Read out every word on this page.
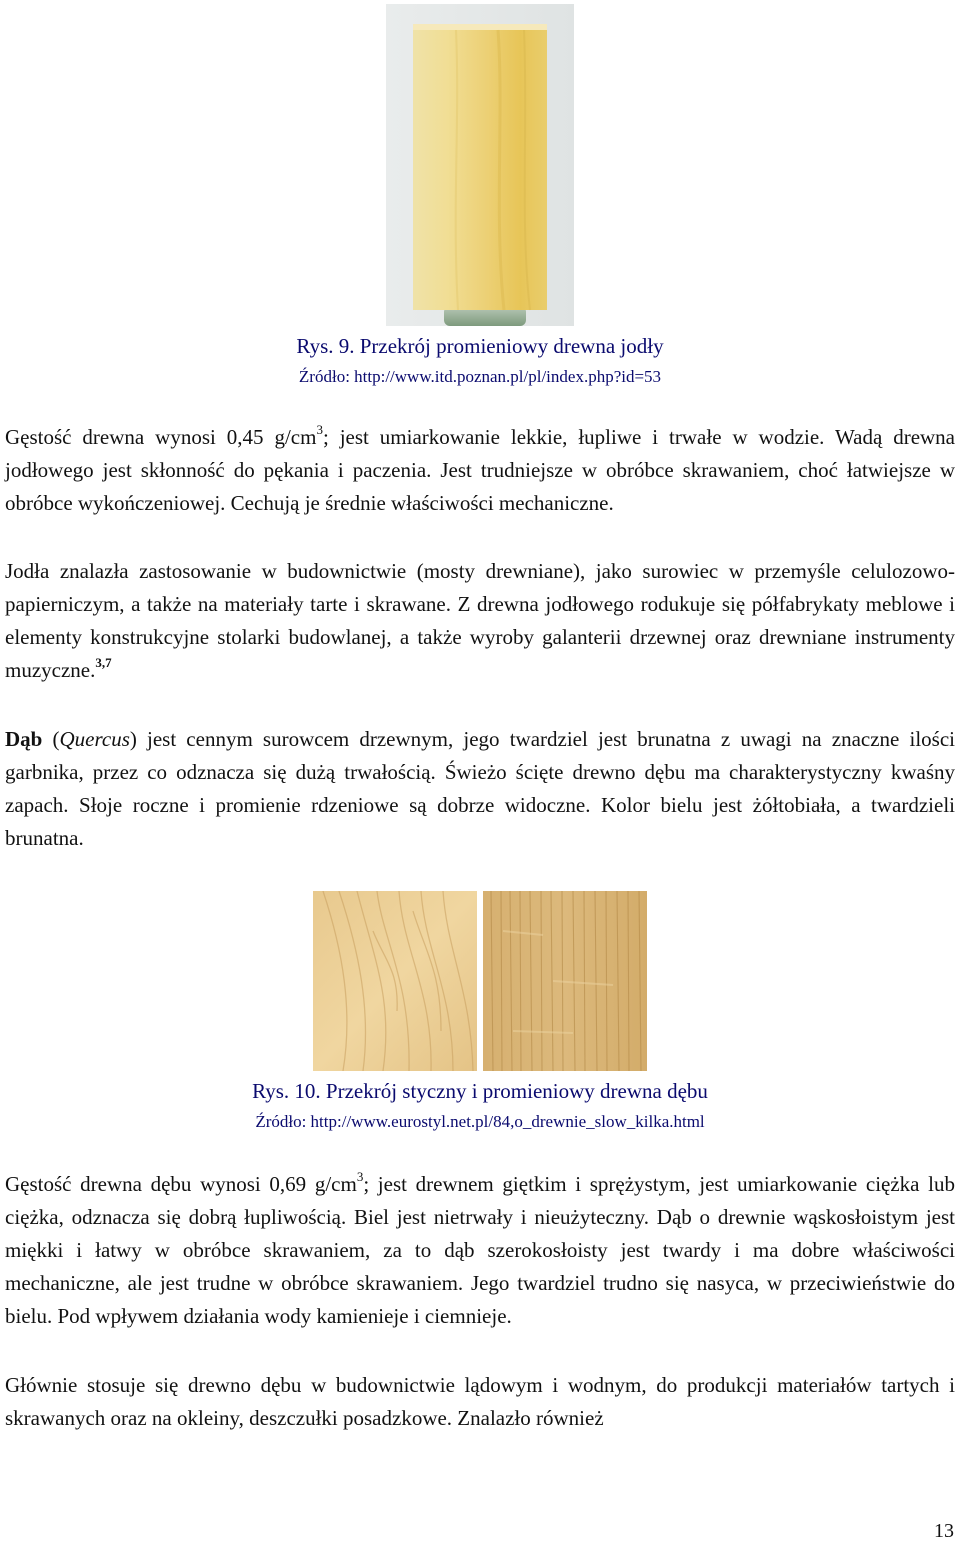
Rys. 9. Przekrój promieniowy drewna jodły
Źródło: http://www.itd.poznan.pl/pl/index.php?id=53

Gęstość drewna wynosi 0,45 $g/cm^3$; jest umiarkowanie lekkie, łupliwe i trwałe w wodzie. Wadą drewna jodłowego jest skłonność do pękania i paczenia. Jest trudniejsze w obróbce skrawaniem, choć łatwiejsze w obróbce wykończeniowej. Cechują je średnie właściwości mechaniczne.

Jodła znalazła zastosowanie w budownictwie (mosty drewniane), jako surowiec w przemyśle celulozowo-papierniczym, a także na materiały tarte i skrawane. Z drewna jodłowego rodukuje się półfabrykaty meblowe i elementy konstrukcyjne stolarki budowlanej, a także wyroby galanterii drzewnej oraz drewniane instrumenty muzyczne.$^{3,7}$

Dąb (Quercus) jest cennym surowcem drzewnym, jego twardziel jest brunatna z uwagi na znaczne ilości garbnika, przez co odznacza się dużą trwałością. Świeżo ścięte drewno dębu ma charakterystyczny kwaśny zapach. Słoje roczne i promienie rdzeniowe są dobrze widoczne. Kolor bielu jest żółtobiała, a twardzieli brunatna.

Rys. 10. Przekrój styczny i promieniowy drewna dębu
Źródło: http://www.eurostyl.net.pl/84,o_drewnie_slow_kilka.html

Gęstość drewna dębu wynosi 0,69 $g/cm^3$; jest drewnem giętkim i sprężystym, jest umiarkowanie ciężka lub ciężka, odznacza się dobrą łupliwością. Biel jest nietrwały i nieużyteczny. Dąb o drewnie wąskosłoistym jest miękki i łatwy w obróbce skrawaniem, za to dąb szerokosłoisty jest twardy i ma dobre właściwości mechaniczne, ale jest trudne w obróbce skrawaniem. Jego twardziel trudno się nasyca, w przeciwieństwie do bielu. Pod wpływem działania wody kamienieje i ciemnieje.

Głównie stosuje się drewno dębu w budownictwie lądowym i wodnym, do produkcji materiałów tartych i skrawanych oraz na okleiny, deszczułki posadzkowe. Znalazło również

13
